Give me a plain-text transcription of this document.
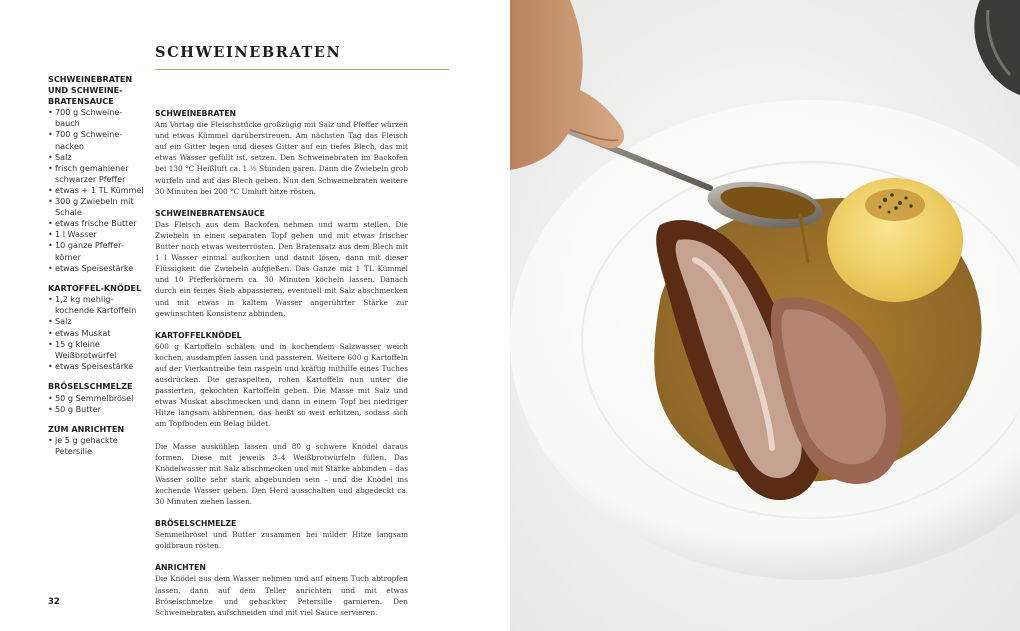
SCHWEINEBRATEN

SCHWEINEBRATEN UND SCHWEINE-BRATENSAUCE

• 700 g Schweine-bauch
• 700 g Schweine-nacken
• Salz
• frisch gemahlener schwarzer Pfeffer
• etwas + 1 TL Kümmel
• 300 g Zwiebeln mit Schale
• etwas frische Butter
• 1 l Wasser
• 10 ganze Pfeffer-körner
• etwas Speisestärke

KARTOFFEL-KNÖDEL

• 1,2 kg mehlig-kochende Kartoffeln
• Salz
• etwas Muskat
• 15 g kleine Weißbrotwürfel
• etwas Speisestärke

BRÖSELSCHMELZE

• 50 g Semmelbrösel
• 50 g Butter

ZUM ANRICHTEN

• je 5 g gehackte Petersilie

SCHWEINEBRATEN

Am Vortag die Fleischstücke großzügig mit Salz und Pfeffer würzen und etwas Kümmel darüberstreuen. Am nächsten Tag das Fleisch auf ein Gitter legen und dieses Gitter auf ein tiefes Blech, das mit etwas Wasser gefüllt ist, setzen. Den Schweinebraten im Backofen bei 130 °C Heißluft ca. 1 ½ Stunden garen. Dann die Zwiebeln grob würfeln und auf das Blech geben. Nun den Schweinebraten weitere 30 Minuten bei 200 °C Umluft hitze rösten.

SCHWEINEBRATENSAUCE

Das Fleisch aus dem Backofen nehmen und warm stellen. Die Zwiebeln in einen separaten Topf geben und mit etwas frischer Butter noch etwas weiterrösten. Den Bratensatz aus dem Blech mit 1 l Wasser einmal aufkochen und damit lösen, dann mit dieser Flüssigkeit die Zwiebeln aufgießen. Das Ganze mit 1 TL Kümmel und 10 Pfefferkörnern ca. 30 Minuten köcheln lassen. Danach durch ein feines Sieb abpassieren, eventuell mit Salz abschmecken und mit etwas in kaltem Wasser angerührter Stärke zur gewünschten Konsistenz abbinden.

KARTOFFELKNÖDEL

600 g Kartoffeln schälen und in kochendem Salzwasser weich kochen, ausdampfen lassen und passieren. Weitere 600 g Kartoffeln auf der Vierkantreibe fein raspeln und kräftig mithilfe eines Tuches ausdrücken. Die geraspelten, rohen Kartoffeln nun unter die passierten, gekochten Kartoffeln geben. Die Masse mit Salz und etwas Muskat abschmecken und dann in einem Topf bei niedriger Hitze langsam abbrennen, das heißt so weit erhitzen, sodass sich am Topfboden ein Belag bildet.

Die Masse auskühlen lassen und 80 g schwere Knödel daraus formen. Diese mit jeweils 3–4 Weißbrotwürfeln füllen. Das Knödelwasser mit Salz abschmecken und mit Stärke abbinden – das Wasser sollte sehr stark abgebunden sein – und die Knödel ins kochende Wasser geben. Den Herd ausschalten und abgedeckt ca. 30 Minuten ziehen lassen.

BRÖSELSCHMELZE

Semmelbrösel und Butter zusammen bei milder Hitze langsam goldbraun rösten.

ANRICHTEN

Die Knödel aus dem Wasser nehmen und auf einem Tuch abtropfen lassen, dann auf dem Teller anrichten und mit etwas Bröselschmelze und gehackter Petersille garnieren. Den Schweinebraten aufschneiden und mit viel Sauce servieren.

32
